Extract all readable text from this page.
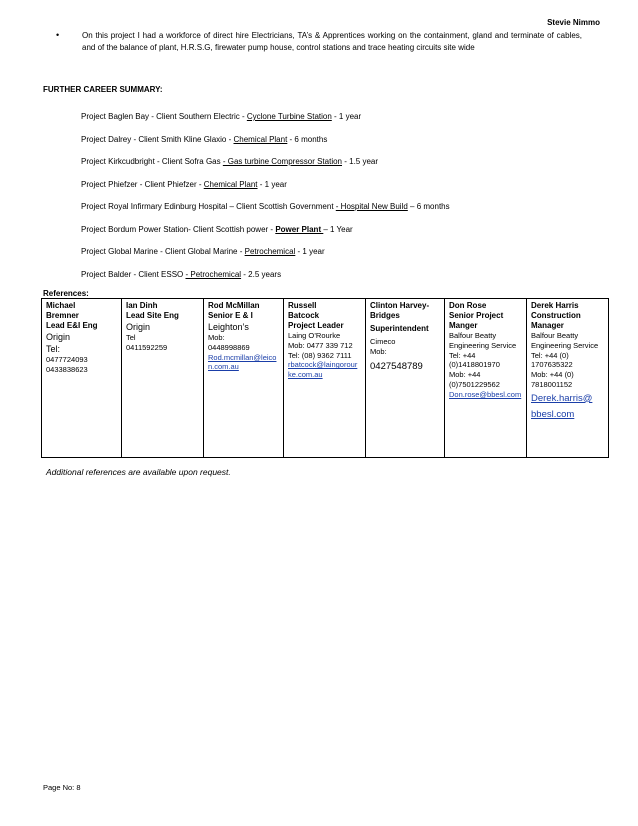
Stevie Nimmo
•	On this project I had a workforce of direct hire Electricians, TA’s & Apprentices working on the containment, gland and terminate of cables, and of the balance of plant, H.R.S.G, firewater pump house, control stations and trace heating circuits site wide
FURTHER CAREER SUMMARY:
Project Baglen Bay - Client Southern Electric - Cyclone Turbine Station - 1 year
Project Dalrey - Client Smith Kline Glaxio - Chemical Plant - 6 months
Project Kirkcudbright - Client Sofra Gas - Gas turbine Compressor Station - 1.5 year
Project Phiefzer - Client Phiefzer - Chemical Plant - 1 year
Project Royal Infirmary Edinburg Hospital – Client Scottish Government - Hospital New Build – 6 months
Project Bordum Power Station- Client Scottish power - Power Plant – 1 Year
Project Global Marine - Client Global Marine - Petrochemical - 1 year
Project Balder - Client ESSO - Petrochemical - 2.5 years
References:
Michael
Bremner
Lead E&I Eng
Origin
Tel:
0477724093
0433838623

Ian Dinh
Lead Site Eng
Origin
Tel
0411592259

Rod McMillan
Senior E & I
Leighton’s
Mob:
0448998869
Rod.mcmillan@leicon.com.au

Russell
Batcock
Project Leader
Laing O’Rourke
Mob: 0477 339 712
Tel: (08) 9362 7111
rbatcock@laingorourke.com.au

Clinton Harvey-Bridges
Superintendent
Cimeco
Mob:
0427548789

Don Rose
Senior Project Manger
Balfour Beatty Engineering Service
Tel: +44 (0)1418801970
Mob: +44 (0)7501229562
Don.rose@bbesl.com

Derek Harris
Construction Manager
Balfour Beatty Engineering Service
Tel: +44 (0) 1707635322
Mob: +44 (0) 7818001152
Derek.harris@
bbesl.com
Additional references are available upon request.
Page No: 8
